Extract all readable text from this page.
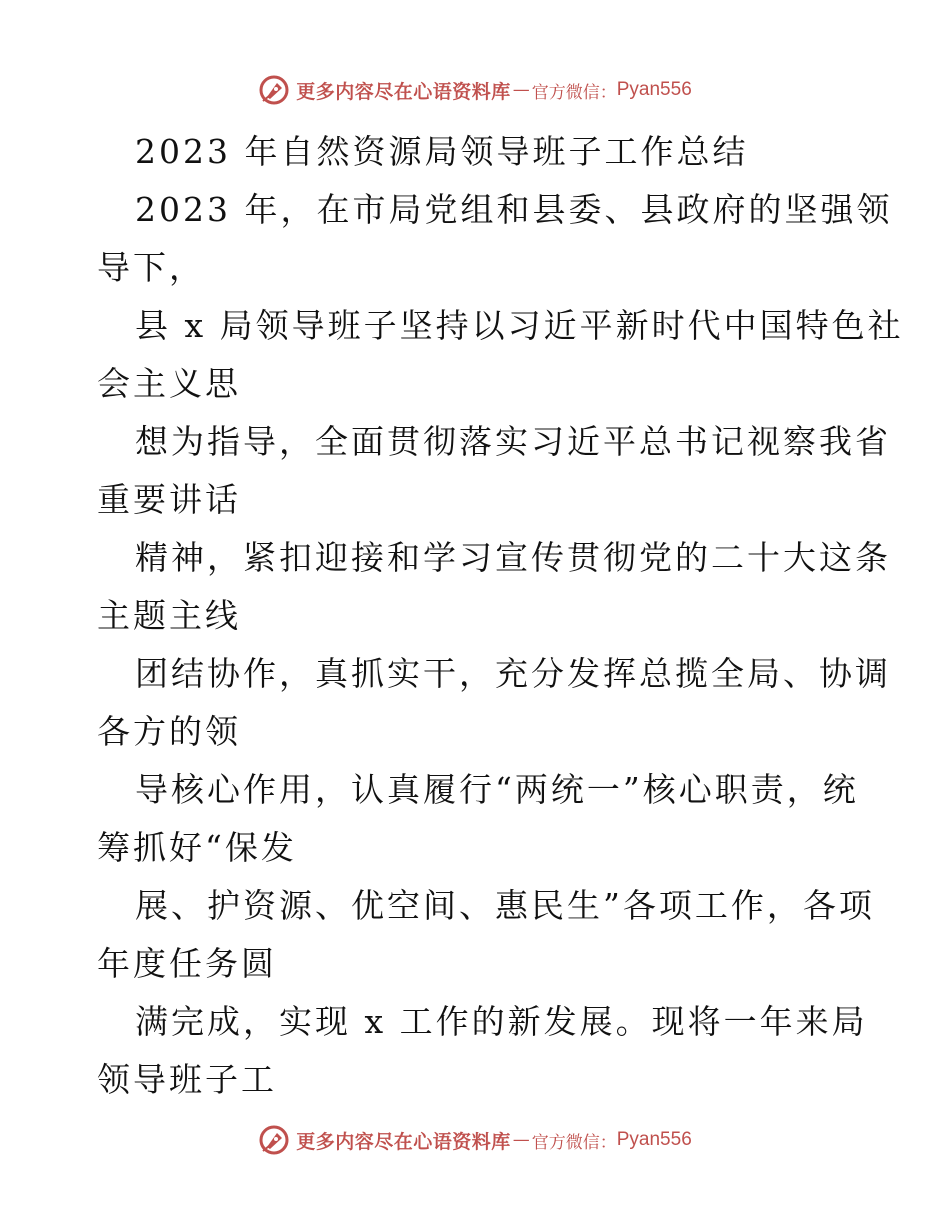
更多内容尽在心语资料库 — 官方微信： Pyan556
2023 年自然资源局领导班子工作总结
2023 年，在市局党组和县委、县政府的坚强领
导下，
县 x 局领导班子坚持以习近平新时代中国特色社
会主义思
想为指导，全面贯彻落实习近平总书记视察我省
重要讲话
精神，紧扣迎接和学习宣传贯彻党的二十大这条
主题主线
团结协作，真抓实干，充分发挥总揽全局、协调
各方的领
导核心作用，认真履行“两统一”核心职责，统
筹抓好“保发
展、护资源、优空间、惠民生”各项工作，各项
年度任务圆
满完成，实现 x 工作的新发展。现将一年来局
领导班子工
更多内容尽在心语资料库 — 官方微信： Pyan556
